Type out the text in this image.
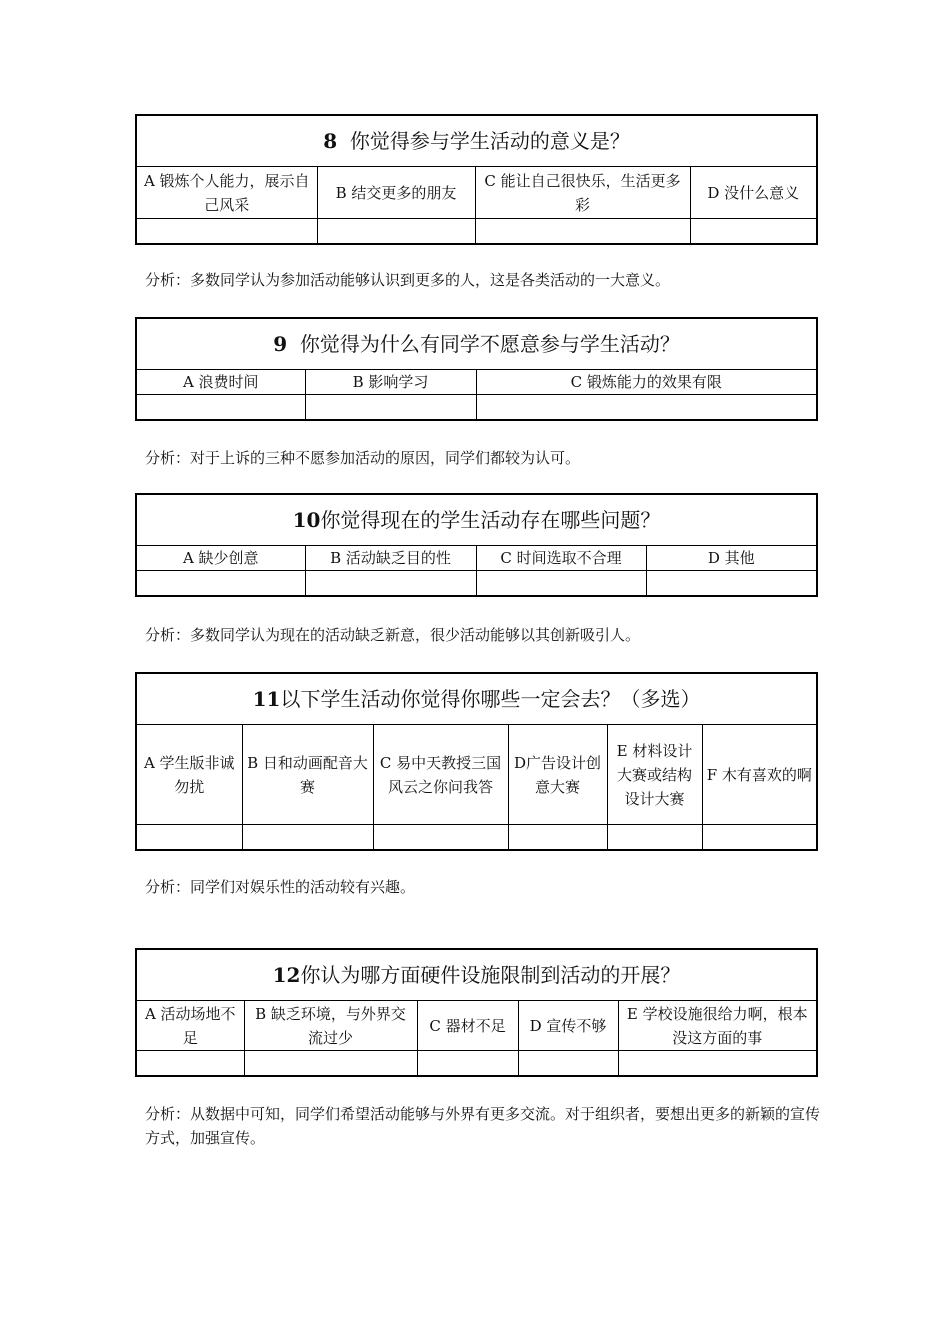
8 你觉得参与学生活动的意义是？			
A 锻炼个人能力，展示自己风采	B 结交更多的朋友	C 能让自己很快乐，生活更多彩	D 没什么意义

分析：多数同学认为参加活动能够认识到更多的人，这是各类活动的一大意义。
9 你觉得为什么有同学不愿意参与学生活动？		
A 浪费时间	B 影响学习	C 锻炼能力的效果有限

分析：对于上诉的三种不愿参加活动的原因，同学们都较为认可。
10你觉得现在的学生活动存在哪些问题？			
A 缺少创意	B 活动缺乏目的性	C 时间选取不合理	D 其他

分析：多数同学认为现在的活动缺乏新意，很少活动能够以其创新吸引人。
11以下学生活动你觉得你哪些一定会去？（多选）					
A 学生版非诚勿扰	B 日和动画配音大赛	C 易中天教授三国风云之你问我答	D广告设计创意大赛	E 材料设计大赛或结构设计大赛	F 木有喜欢的啊

分析：同学们对娱乐性的活动较有兴趣。
12你认为哪方面硬件设施限制到活动的开展？				
A 活动场地不足	B 缺乏环境，与外界交流过少	C 器材不足	D 宣传不够	E 学校设施很给力啊，根本没这方面的事

分析：从数据中可知，同学们希望活动能够与外界有更多交流。对于组织者，要想出更多的新颖的宣传方式，加强宣传。
